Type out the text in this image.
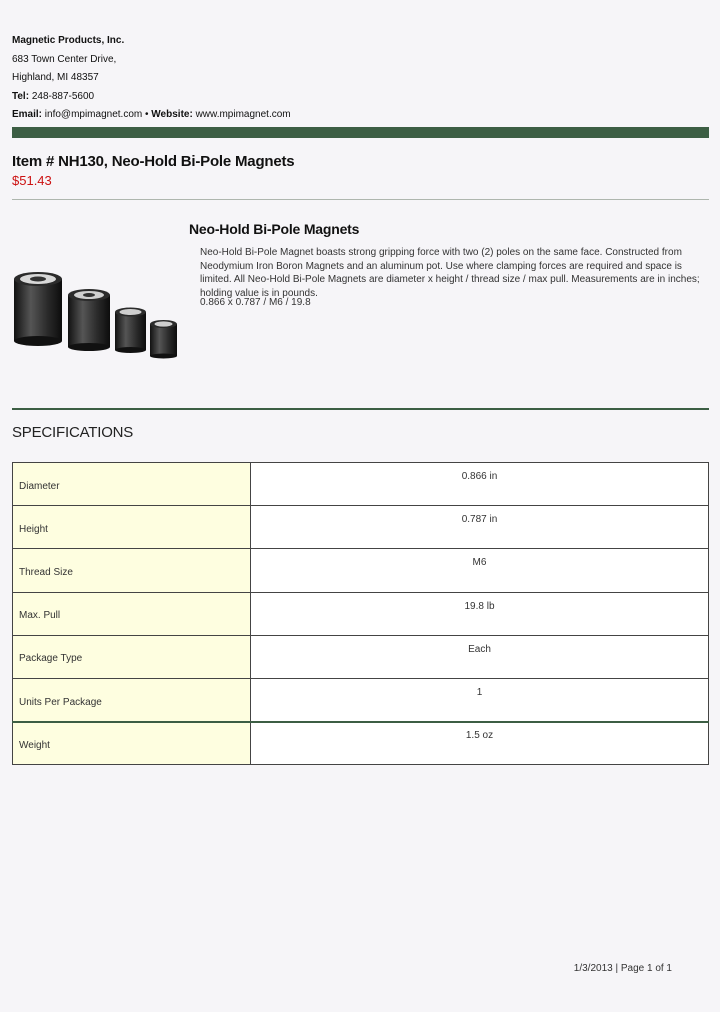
Magnetic Products, Inc.
683 Town Center Drive,
Highland, MI 48357
Tel: 248-887-5600
Email: info@mpimagnet.com • Website: www.mpimagnet.com
Item # NH130, Neo-Hold Bi-Pole Magnets
$51.43
Neo-Hold Bi-Pole Magnets
Neo-Hold Bi-Pole Magnet boasts strong gripping force with two (2) poles on the same face. Constructed from Neodymium Iron Boron Magnets and an aluminum pot. Use where clamping forces are required and space is limited. All Neo-Hold Bi-Pole Magnets are diameter x height / thread size / max pull. Measurements are in inches; holding value is in pounds.
0.866 x 0.787 / M6 / 19.8
SPECIFICATIONS
Diameter	0.866 in
Height	0.787 in
Thread Size	M6
Max. Pull	19.8 lb
Package Type	Each
Units Per Package	1
Weight	1.5 oz
1/3/2013 | Page 1 of 1
